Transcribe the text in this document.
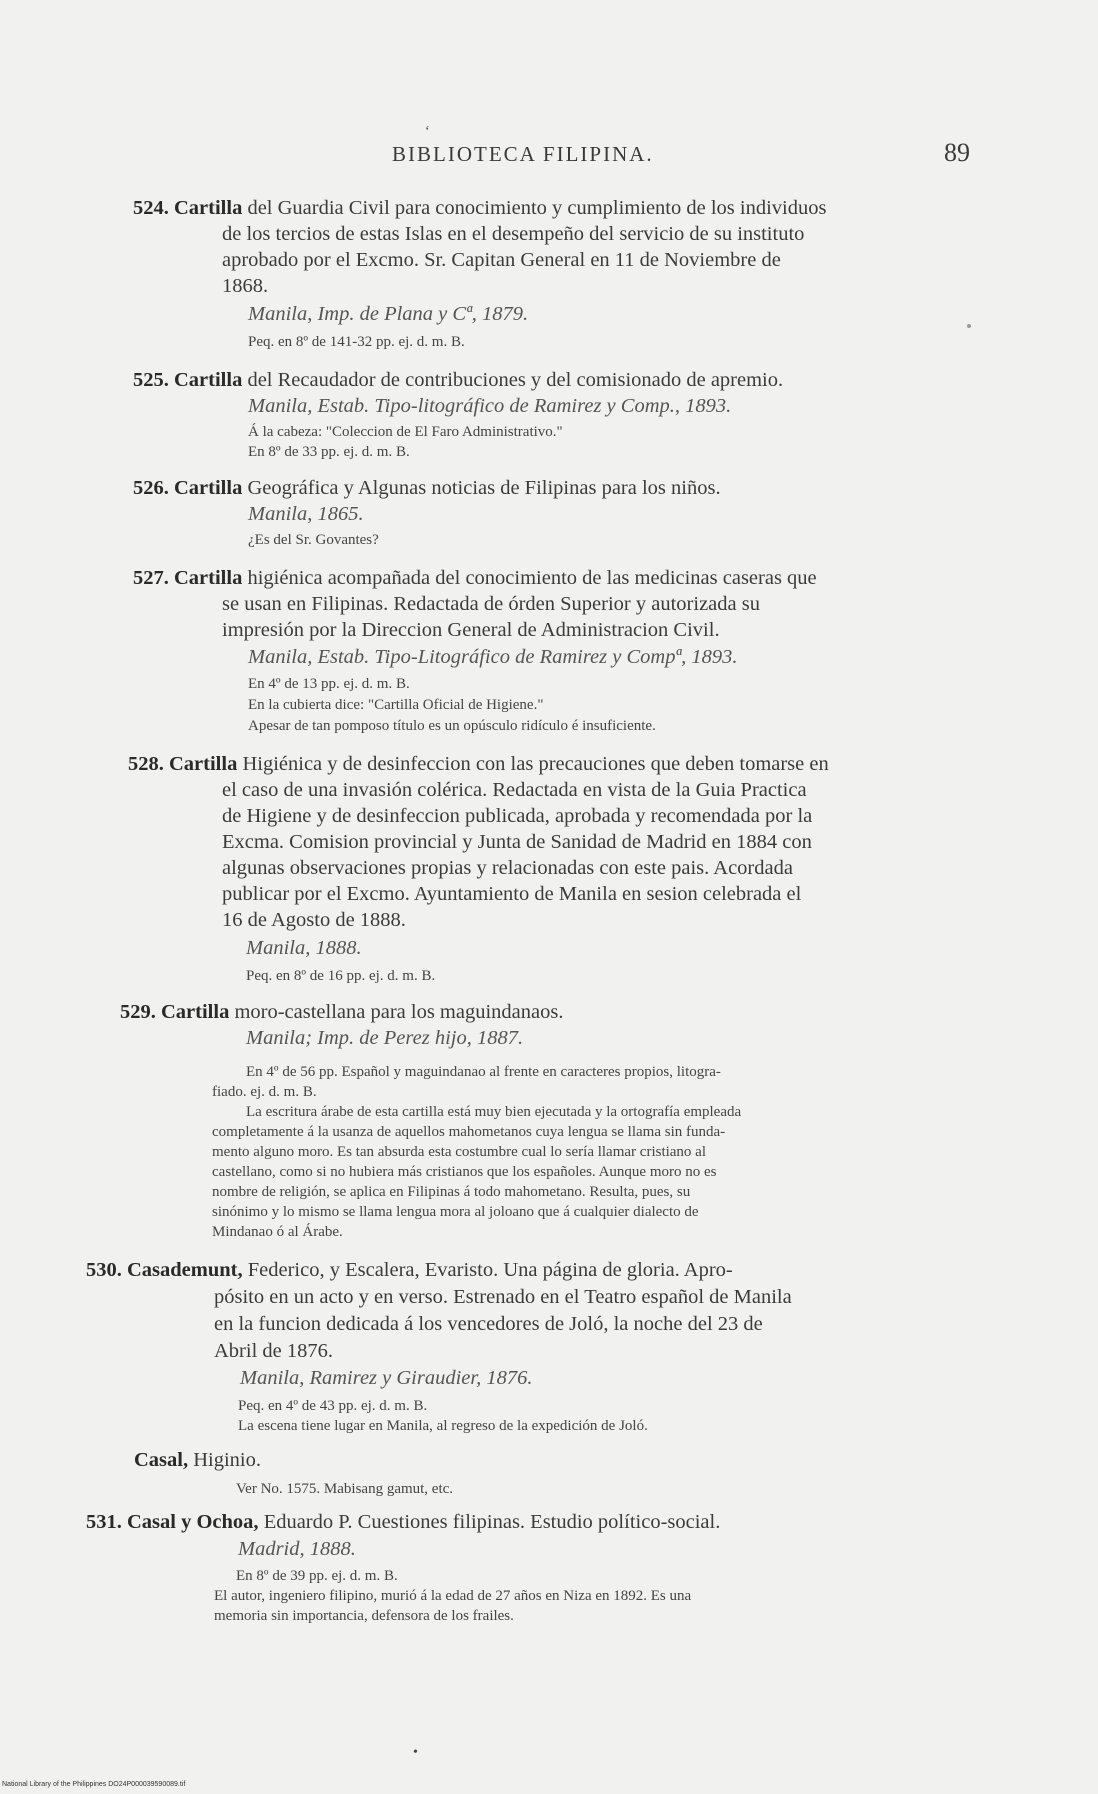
‘
BIBLIOTECA FILIPINA.	89
524. Cartilla del Guardia Civil para conocimiento y cumplimiento de los individuos
de los tercios de estas Islas en el desempeño del servicio de su instituto
aprobado por el Excmo. Sr. Capitan General en 11 de Noviembre de
1868.
Manila, Imp. de Plana y Cª, 1879.
Peq. en 8º de 141-32 pp. ej. d. m. B.
525. Cartilla del Recaudador de contribuciones y del comisionado de apremio.
Manila, Estab. Tipo-litográfico de Ramirez y Comp., 1893.
Á la cabeza: "Coleccion de El Faro Administrativo."
En 8º de 33 pp. ej. d. m. B.
526. Cartilla Geográfica y Algunas noticias de Filipinas para los niños.
Manila, 1865.
¿Es del Sr. Govantes?
527. Cartilla higiénica acompañada del conocimiento de las medicinas caseras que
se usan en Filipinas. Redactada de órden Superior y autorizada su
impresión por la Direccion General de Administracion Civil.
Manila, Estab. Tipo-Litográfico de Ramirez y Compª, 1893.
En 4º de 13 pp. ej. d. m. B.
En la cubierta dice: "Cartilla Oficial de Higiene."
Apesar de tan pomposo título es un opúsculo ridículo é insuficiente.
528. Cartilla Higiénica y de desinfeccion con las precauciones que deben tomarse en
el caso de una invasión colérica. Redactada en vista de la Guia Practica
de Higiene y de desinfeccion publicada, aprobada y recomendada por la
Excma. Comision provincial y Junta de Sanidad de Madrid en 1884 con
algunas observaciones propias y relacionadas con este pais. Acordada
publicar por el Excmo. Ayuntamiento de Manila en sesion celebrada el
16 de Agosto de 1888.
Manila, 1888.
Peq. en 8º de 16 pp. ej. d. m. B.
529. Cartilla moro-castellana para los maguindanaos.
Manila; Imp. de Perez hijo, 1887.
En 4º de 56 pp. Español y maguindanao al frente en caracteres propios, litogra-
fiado. ej. d. m. B.
La escritura árabe de esta cartilla está muy bien ejecutada y la ortografía empleada
completamente á la usanza de aquellos mahometanos cuya lengua se llama sin funda-
mento alguno moro. Es tan absurda esta costumbre cual lo sería llamar cristiano al
castellano, como si no hubiera más cristianos que los españoles. Aunque moro no es
nombre de religión, se aplica en Filipinas á todo mahometano. Resulta, pues, su
sinónimo y lo mismo se llama lengua mora al joloano que á cualquier dialecto de
Mindanao ó al Árabe.
530. Casademunt, Federico, y Escalera, Evaristo. Una página de gloria. Apro-
pósito en un acto y en verso. Estrenado en el Teatro español de Manila
en la funcion dedicada á los vencedores de Joló, la noche del 23 de
Abril de 1876.
Manila, Ramirez y Giraudier, 1876.
Peq. en 4º de 43 pp. ej. d. m. B.
La escena tiene lugar en Manila, al regreso de la expedición de Joló.
Casal, Higinio.
Ver No. 1575. Mabisang gamut, etc.
531. Casal y Ochoa, Eduardo P. Cuestiones filipinas. Estudio político-social.
Madrid, 1888.
En 8º de 39 pp. ej. d. m. B.
El autor, ingeniero filipino, murió á la edad de 27 años en Niza en 1892. Es una
memoria sin importancia, defensora de los frailes.
•
National Library of the Philippines DO24P000039590089.tif
